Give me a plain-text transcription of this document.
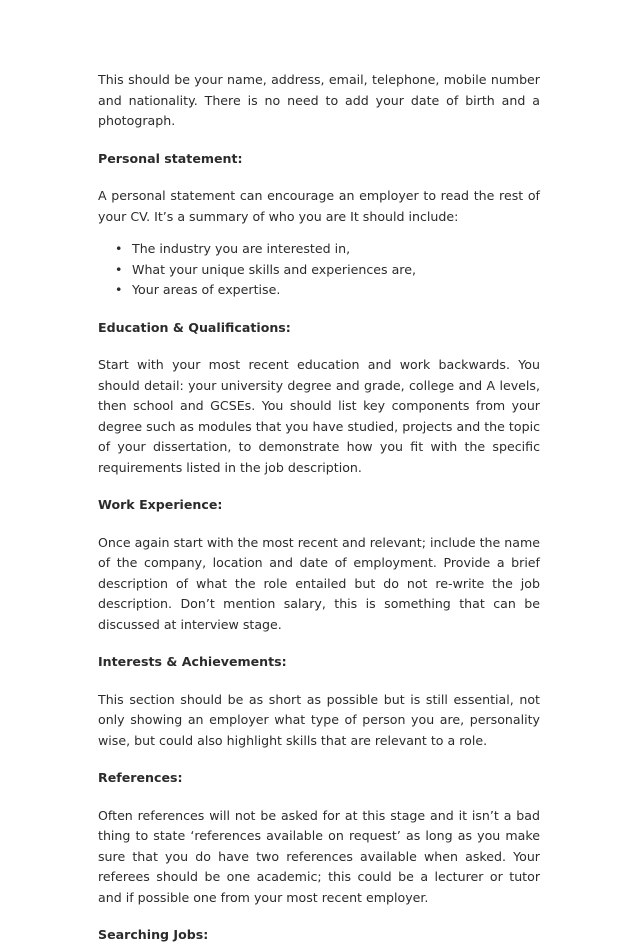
This should be your name, address, email, telephone, mobile number and nationality. There is no need to add your date of birth and a photograph.

Personal statement:

A personal statement can encourage an employer to read the rest of your CV. It’s a summary of who you are It should include:

• The industry you are interested in,
• What your unique skills and experiences are,
• Your areas of expertise.

Education & Qualifications:

Start with your most recent education and work backwards. You should detail: your university degree and grade, college and A levels, then school and GCSEs. You should list key components from your degree such as modules that you have studied, projects and the topic of your dissertation, to demonstrate how you fit with the specific requirements listed in the job description.

Work Experience:

Once again start with the most recent and relevant; include the name of the company, location and date of employment. Provide a brief description of what the role entailed but do not re-write the job description. Don’t mention salary, this is something that can be discussed at interview stage.

Interests & Achievements:

This section should be as short as possible but is still essential, not only showing an employer what type of person you are, personality wise, but could also highlight skills that are relevant to a role.

References:

Often references will not be asked for at this stage and it isn’t a bad thing to state ‘references available on request’ as long as you make sure that you do have two references available when asked. Your referees should be one academic; this could be a lecturer or tutor and if possible one from your most recent employer.

Searching Jobs:
